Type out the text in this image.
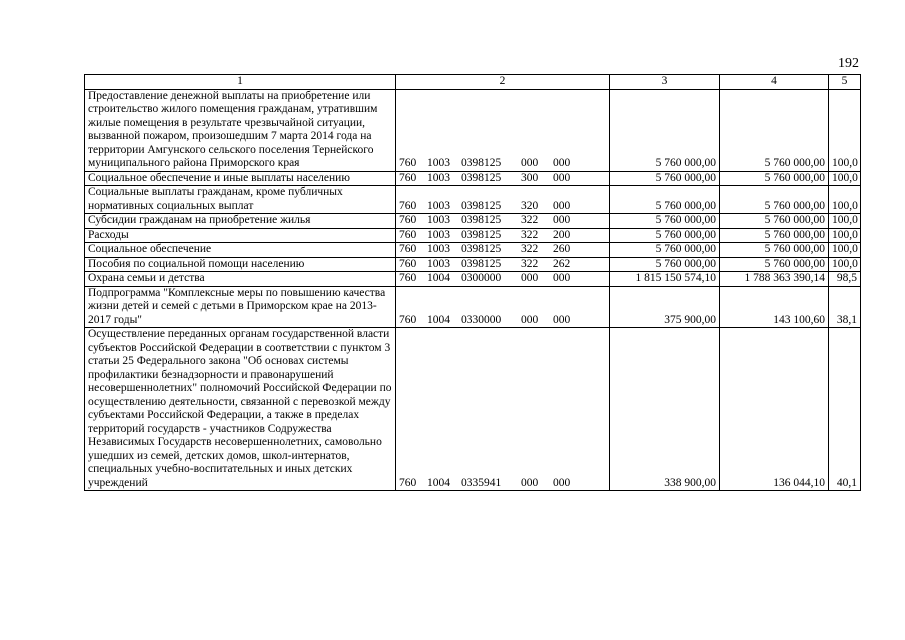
192
1	2	3	4	5
Предоставление денежной выплаты на приобретение или строительство жилого помещения гражданам, утратившим жилые помещения в результате чрезвычайной ситуации, вызванной пожаром, произошедшим 7 марта 2014 года на территории Амгунского сельского поселения Тернейского муниципального района Приморского края	760 1003 0398125 000 000	5 760 000,00	5 760 000,00	100,0
Социальное обеспечение и иные выплаты населению	760 1003 0398125 300 000	5 760 000,00	5 760 000,00	100,0
Социальные выплаты гражданам, кроме публичных нормативных социальных выплат	760 1003 0398125 320 000	5 760 000,00	5 760 000,00	100,0
Субсидии гражданам на приобретение жилья	760 1003 0398125 322 000	5 760 000,00	5 760 000,00	100,0
Расходы	760 1003 0398125 322 200	5 760 000,00	5 760 000,00	100,0
Социальное обеспечение	760 1003 0398125 322 260	5 760 000,00	5 760 000,00	100,0
Пособия по социальной помощи населению	760 1003 0398125 322 262	5 760 000,00	5 760 000,00	100,0
Охрана семьи и детства	760 1004 0300000 000 000	1 815 150 574,10	1 788 363 390,14	98,5
Подпрограмма "Комплексные меры по повышению качества жизни детей и семей с детьми в Приморском крае на 2013-2017 годы"	760 1004 0330000 000 000	375 900,00	143 100,60	38,1
Осуществление переданных органам государственной власти субъектов Российской Федерации в соответствии с пунктом 3 статьи 25 Федерального закона "Об основах системы профилактики безнадзорности и правонарушений несовершеннолетних" полномочий Российской Федерации по осуществлению деятельности, связанной с перевозкой между субъектами Российской Федерации, а также в пределах территорий государств - участников Содружества Независимых Государств несовершеннолетних, самовольно ушедших из семей, детских домов, школ-интернатов, специальных учебно-воспитательных и иных детских учреждений	760 1004 0335941 000 000	338 900,00	136 044,10	40,1
